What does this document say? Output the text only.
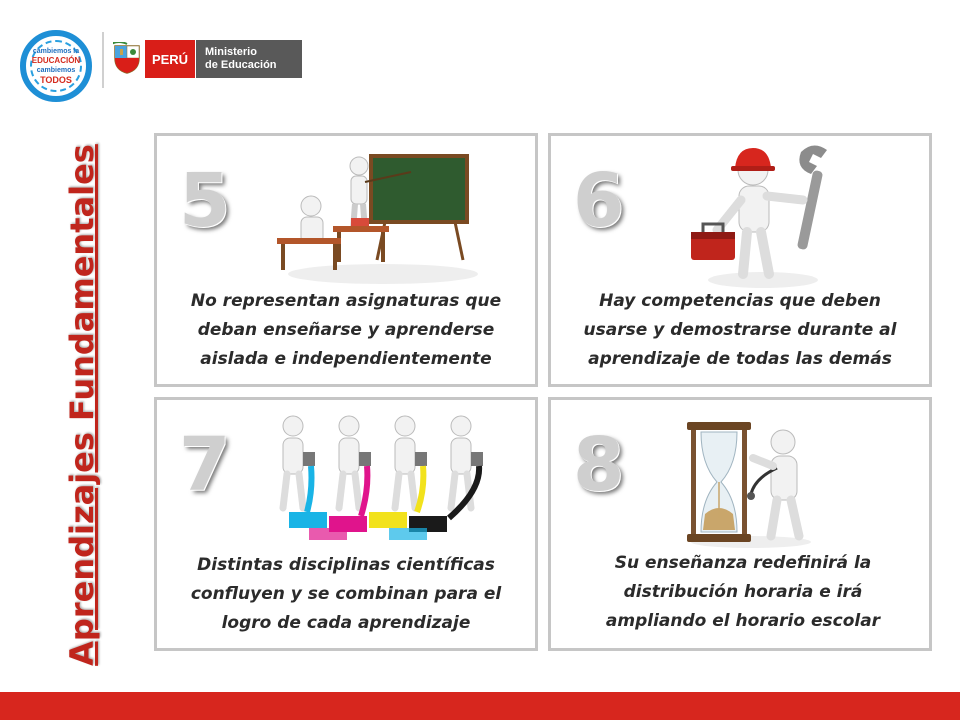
cambiemos la
EDUCACIÓN
cambiemos
TODOS
PERÚ	Ministerio
de Educación
Aprendizajes Fundamentales 5
No representan asignaturas que
deban enseñarse y aprenderse
aislada e independientemente
6
Hay competencias que deben
usarse y demostrarse durante al
aprendizaje de todas las demás
7
Distintas disciplinas científicas
confluyen y se combinan para el
logro de cada aprendizaje
8
Su enseñanza redefinirá la
distribución horaria e irá
ampliando el horario escolar
